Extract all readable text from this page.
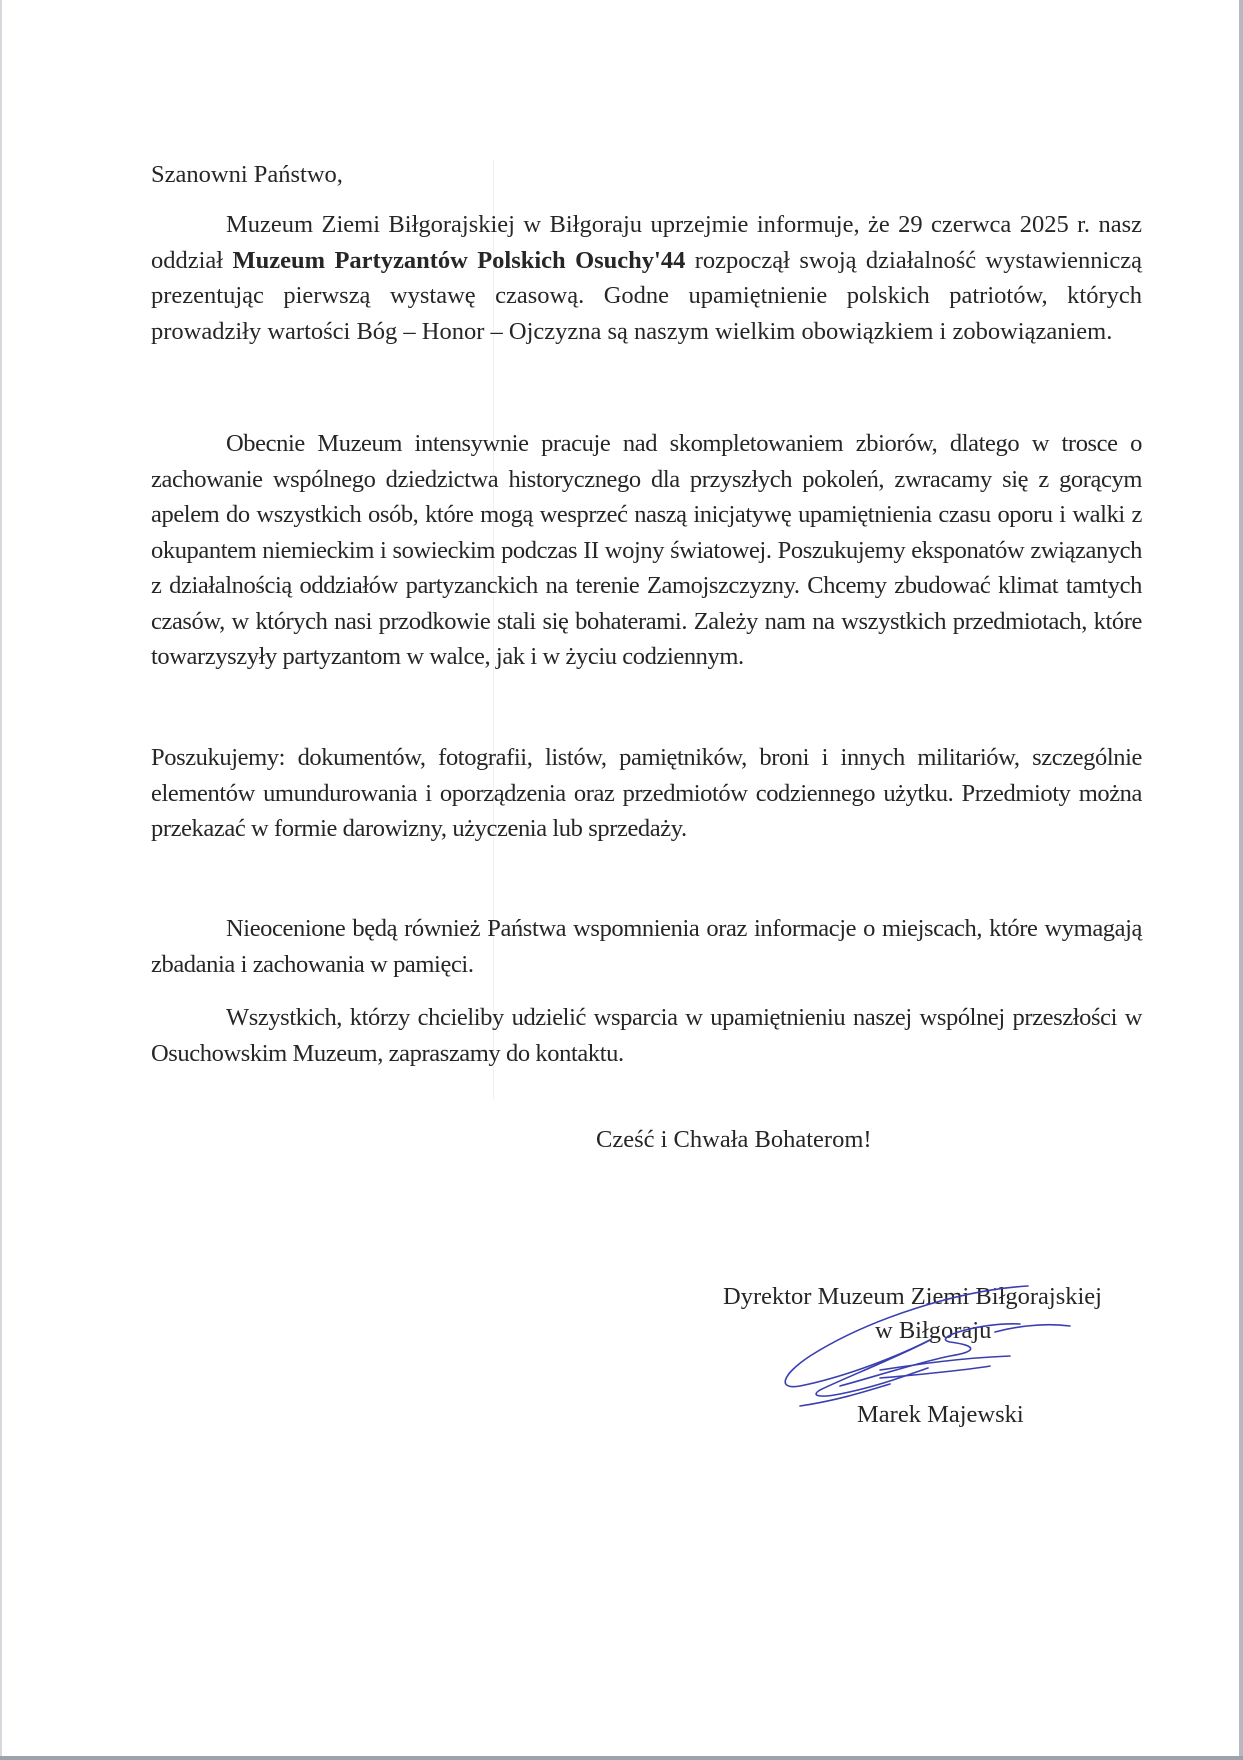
Szanowni Państwo,

Muzeum Ziemi Biłgorajskiej w Biłgoraju uprzejmie informuje, że 29 czerwca 2025 r. nasz oddział Muzeum Partyzantów Polskich Osuchy'44 rozpoczął swoją działalność wystawienniczą prezentując pierwszą wystawę czasową. Godne upamiętnienie polskich patriotów, których prowadziły wartości Bóg – Honor – Ojczyzna są naszym wielkim obowiązkiem i zobowiązaniem.

Obecnie Muzeum intensywnie pracuje nad skompletowaniem zbiorów, dlatego w trosce o zachowanie wspólnego dziedzictwa historycznego dla przyszłych pokoleń, zwracamy się z gorącym apelem do wszystkich osób, które mogą wesprzeć naszą inicjatywę upamiętnienia czasu oporu i walki z okupantem niemieckim i sowieckim podczas II wojny światowej. Poszukujemy eksponatów związanych z działalnością oddziałów partyzanckich na terenie Zamojszczyzny. Chcemy zbudować klimat tamtych czasów, w których nasi przodkowie stali się bohaterami. Zależy nam na wszystkich przedmiotach, które towarzyszyły partyzantom w walce, jak i w życiu codziennym.

Poszukujemy: dokumentów, fotografii, listów, pamiętników, broni i innych militariów, szczególnie elementów umundurowania i oporządzenia oraz przedmiotów codziennego użytku. Przedmioty można przekazać w formie darowizny, użyczenia lub sprzedaży.

Nieocenione będą również Państwa wspomnienia oraz informacje o miejscach, które wymagają zbadania i zachowania w pamięci.

Wszystkich, którzy chcieliby udzielić wsparcia w upamiętnieniu naszej wspólnej przeszłości w Osuchowskim Muzeum, zapraszamy do kontaktu.

Cześć i Chwała Bohaterom!
Dyrektor Muzeum Ziemi Biłgorajskiej
w Biłgoraju
Marek Majewski
